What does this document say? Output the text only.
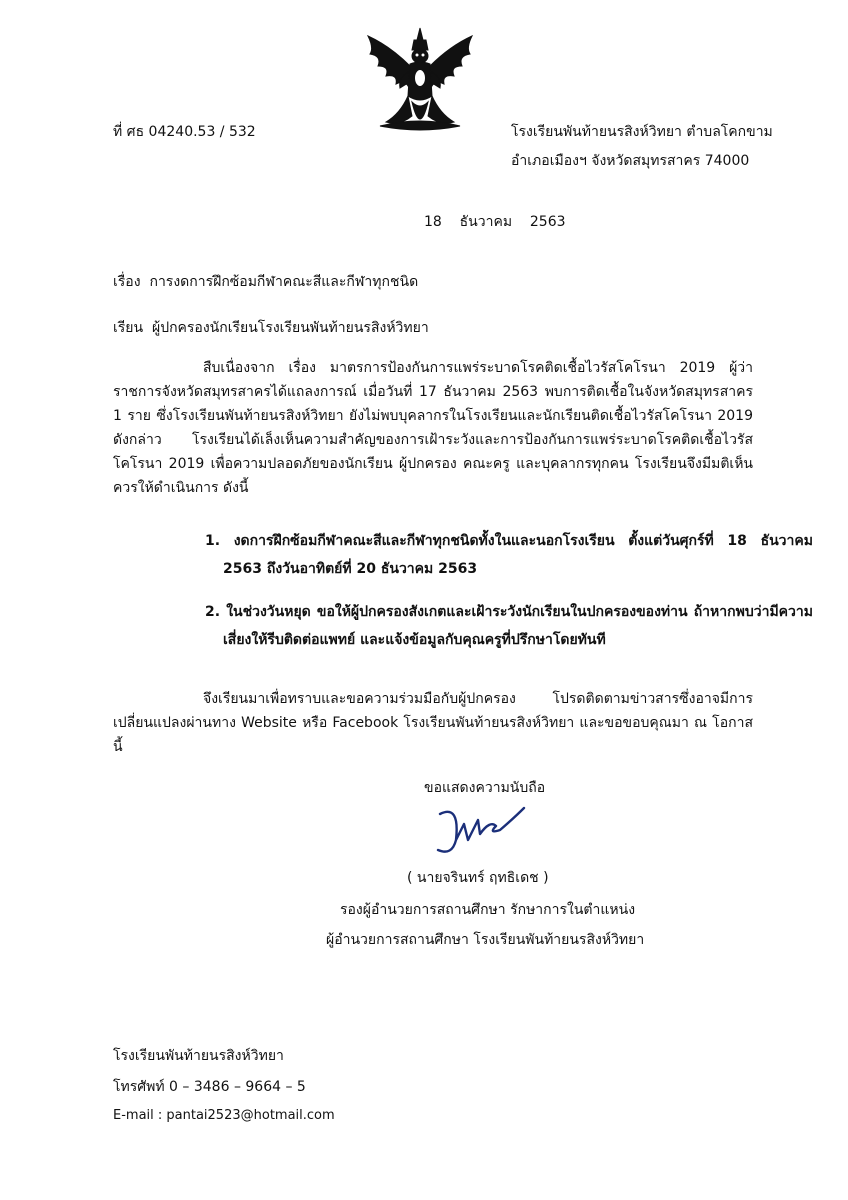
ที่ ศธ 04240.53 / 532	โรงเรียนพันท้ายนรสิงห์วิทยา ตำบลโคกขาม
อำเภอเมืองฯ จังหวัดสมุทรสาคร 74000
18 ธันวาคม 2563
เรื่อง การงดการฝึกซ้อมกีฬาคณะสีและกีฬาทุกชนิด
เรียน ผู้ปกครองนักเรียนโรงเรียนพันท้ายนรสิงห์วิทยา
สืบเนื่องจาก เรื่อง มาตรการป้องกันการแพร่ระบาดโรคติดเชื้อไวรัสโคโรนา 2019 ผู้ว่าราชการจังหวัดสมุทรสาครได้แถลงการณ์ เมื่อวันที่ 17 ธันวาคม 2563 พบการติดเชื้อในจังหวัดสมุทรสาคร 1 ราย ซึ่งโรงเรียนพันท้ายนรสิงห์วิทยา ยังไม่พบบุคลากรในโรงเรียนและนักเรียนติดเชื้อไวรัสโคโรนา 2019 ดังกล่าว โรงเรียนได้เล็งเห็นความสำคัญของการเฝ้าระวังและการป้องกันการแพร่ระบาดโรคติดเชื้อไวรัสโคโรนา 2019 เพื่อความปลอดภัยของนักเรียน ผู้ปกครอง คณะครู และบุคลากรทุกคน โรงเรียนจึงมีมติเห็นควรให้ดำเนินการ ดังนี้
1. งดการฝึกซ้อมกีฬาคณะสีและกีฬาทุกชนิดทั้งในและนอกโรงเรียน ตั้งแต่วันศุกร์ที่ 18 ธันวาคม 2563 ถึงวันอาทิตย์ที่ 20 ธันวาคม 2563
2. ในช่วงวันหยุด ขอให้ผู้ปกครองสังเกตและเฝ้าระวังนักเรียนในปกครองของท่าน ถ้าหากพบว่ามีความเสี่ยงให้รีบติดต่อแพทย์ และแจ้งข้อมูลกับคุณครูที่ปรึกษาโดยทันที
จึงเรียนมาเพื่อทราบและขอความร่วมมือกับผู้ปกครอง โปรดติดตามข่าวสารซึ่งอาจมีการเปลี่ยนแปลงผ่านทาง Website หรือ Facebook โรงเรียนพันท้ายนรสิงห์วิทยา และขอขอบคุณมา ณ โอกาสนี้
ขอแสดงความนับถือ
( นายจรินทร์ ฤทธิเดช )
รองผู้อำนวยการสถานศึกษา รักษาการในตำแหน่ง
ผู้อำนวยการสถานศึกษา โรงเรียนพันท้ายนรสิงห์วิทยา
โรงเรียนพันท้ายนรสิงห์วิทยา
โทรศัพท์ 0 – 3486 – 9664 – 5
E-mail : pantai2523@hotmail.com
